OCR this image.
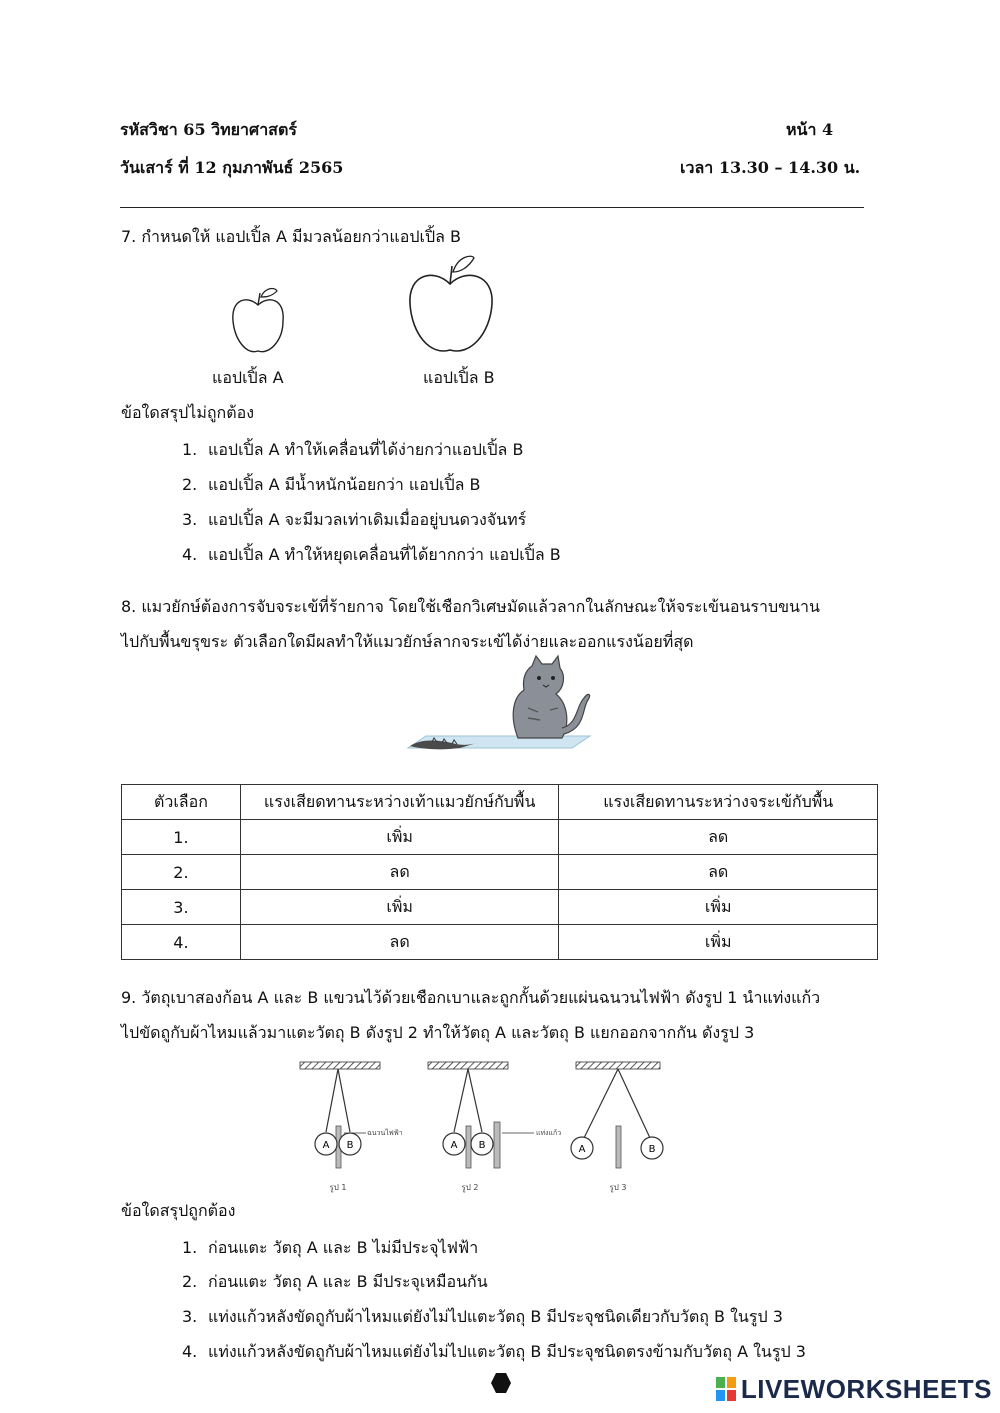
รหัสวิชา 65 วิทยาศาสตร์	หน้า 4
วันเสาร์ ที่ 12 กุมภาพันธ์ 2565	เวลา 13.30 – 14.30 น.
7. กำหนดให้ แอปเปิ้ล A มีมวลน้อยกว่าแอปเปิ้ล B
แอปเปิ้ล A	แอปเปิ้ล B
ข้อใดสรุปไม่ถูกต้อง
1. แอปเปิ้ล A ทำให้เคลื่อนที่ได้ง่ายกว่าแอปเปิ้ล B
2. แอปเปิ้ล A มีน้ำหนักน้อยกว่า แอปเปิ้ล B
3. แอปเปิ้ล A จะมีมวลเท่าเดิมเมื่ออยู่บนดวงจันทร์
4. แอปเปิ้ล A ทำให้หยุดเคลื่อนที่ได้ยากกว่า แอปเปิ้ล B
8. แมวยักษ์ต้องการจับจระเข้ที่ร้ายกาจ โดยใช้เชือกวิเศษมัดแล้วลากในลักษณะให้จระเข้นอนราบขนาน
ไปกับพื้นขรุขระ ตัวเลือกใดมีผลทำให้แมวยักษ์ลากจระเข้ได้ง่ายและออกแรงน้อยที่สุด
ตัวเลือก	แรงเสียดทานระหว่างเท้าแมวยักษ์กับพื้น	แรงเสียดทานระหว่างจระเข้กับพื้น
1.	เพิ่ม	ลด
2.	ลด	ลด
3.	เพิ่ม	เพิ่ม
4.	ลด	เพิ่ม
9. วัตถุเบาสองก้อน A และ B แขวนไว้ด้วยเชือกเบาและถูกกั้นด้วยแผ่นฉนวนไฟฟ้า ดังรูป 1 นำแท่งแก้ว
ไปขัดถูกับผ้าไหมแล้วมาแตะวัตถุ B ดังรูป 2 ทำให้วัตถุ A และวัตถุ B แยกออกจากกัน ดังรูป 3
A B
ฉนวนไฟฟ้า
รูป 1
A B
แท่งแก้ว
รูป 2
A	B
รูป 3
ข้อใดสรุปถูกต้อง
1. ก่อนแตะ วัตถุ A และ B ไม่มีประจุไฟฟ้า
2. ก่อนแตะ วัตถุ A และ B มีประจุเหมือนกัน
3. แท่งแก้วหลังขัดถูกับผ้าไหมแต่ยังไม่ไปแตะวัตถุ B มีประจุชนิดเดียวกับวัตถุ B ในรูป 3
4. แท่งแก้วหลังขัดถูกับผ้าไหมแต่ยังไม่ไปแตะวัตถุ B มีประจุชนิดตรงข้ามกับวัตถุ A ในรูป 3
LIVEWORKSHEETS
